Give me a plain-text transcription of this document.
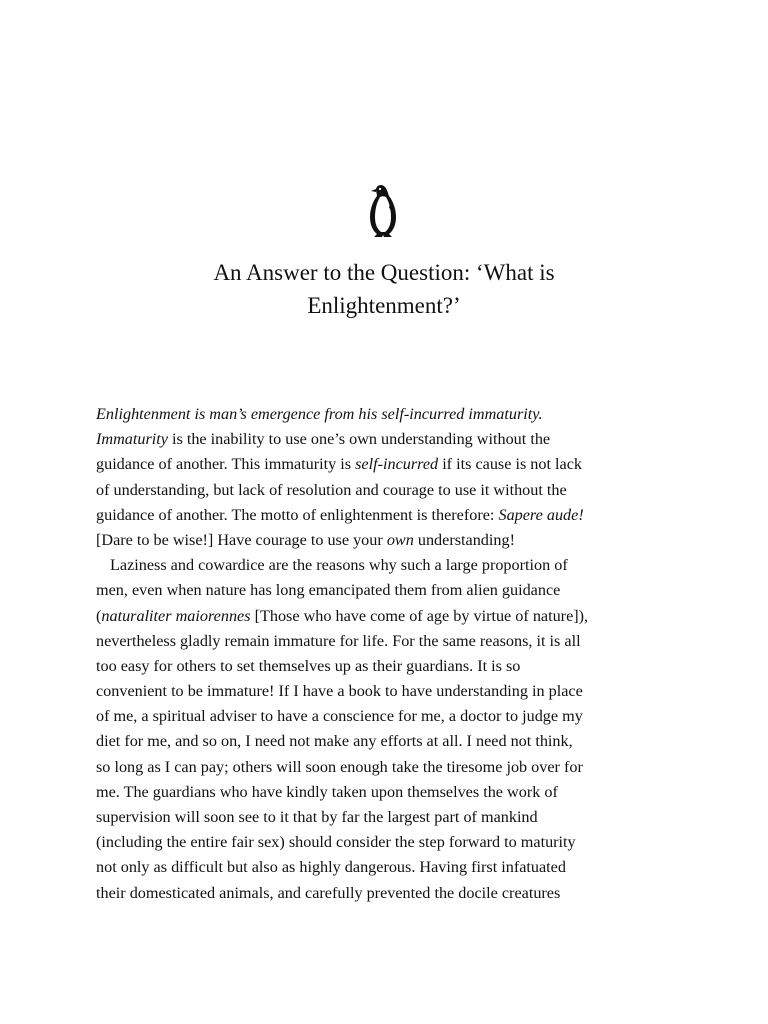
An Answer to the Question: ‘What is
Enlightenment?’
Enlightenment is man’s emergence from his self-incurred immaturity.
Immaturity is the inability to use one’s own understanding without the
guidance of another. This immaturity is self-incurred if its cause is not lack
of understanding, but lack of resolution and courage to use it without the
guidance of another. The motto of enlightenment is therefore: Sapere aude!
[Dare to be wise!] Have courage to use your own understanding!
Laziness and cowardice are the reasons why such a large proportion of
men, even when nature has long emancipated them from alien guidance
(naturaliter maiorennes [Those who have come of age by virtue of nature]),
nevertheless gladly remain immature for life. For the same reasons, it is all
too easy for others to set themselves up as their guardians. It is so
convenient to be immature! If I have a book to have understanding in place
of me, a spiritual adviser to have a conscience for me, a doctor to judge my
diet for me, and so on, I need not make any efforts at all. I need not think,
so long as I can pay; others will soon enough take the tiresome job over for
me. The guardians who have kindly taken upon themselves the work of
supervision will soon see to it that by far the largest part of mankind
(including the entire fair sex) should consider the step forward to maturity
not only as difficult but also as highly dangerous. Having first infatuated
their domesticated animals, and carefully prevented the docile creatures
